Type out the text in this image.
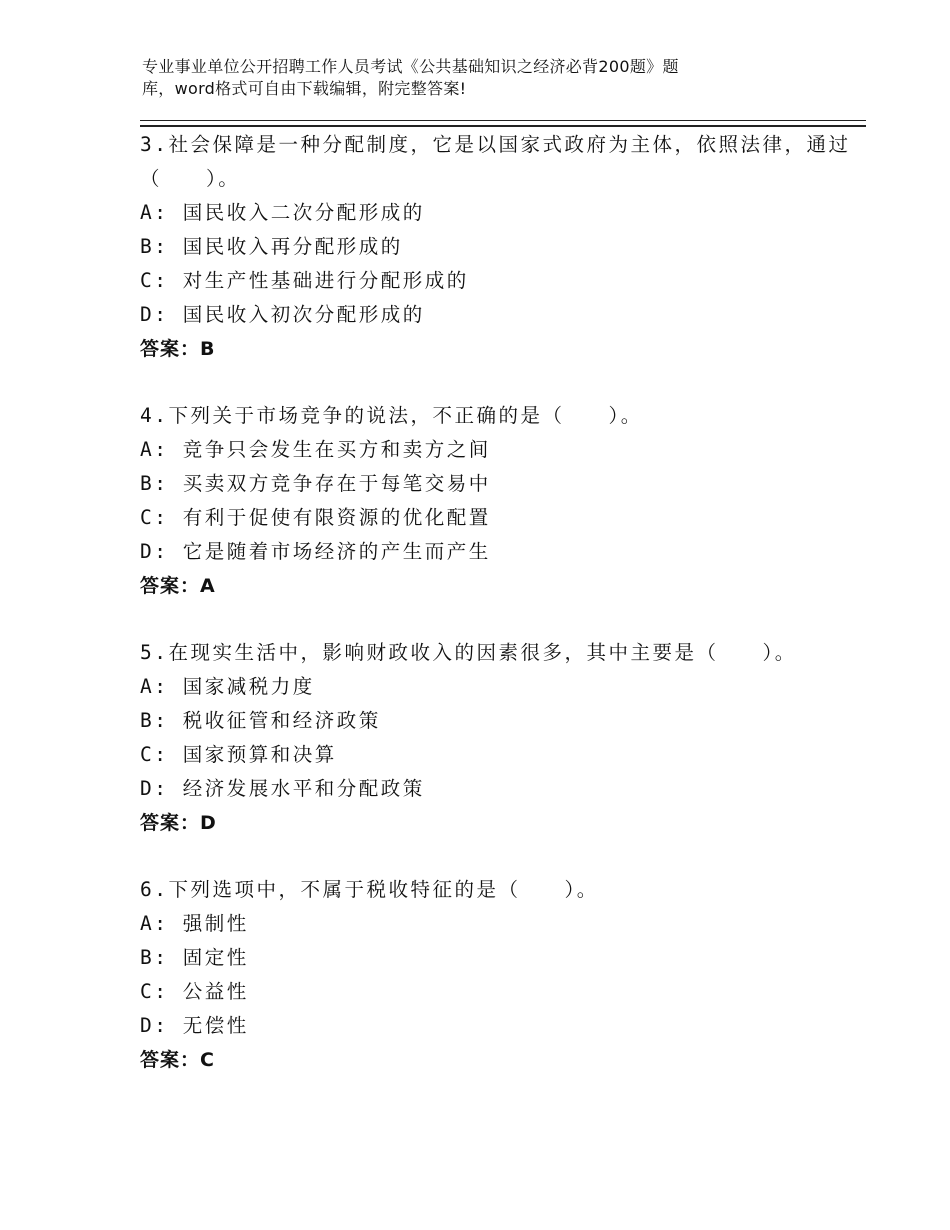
专业事业单位公开招聘工作人员考试《公共基础知识之经济必背200题》题
库，word格式可自由下载编辑，附完整答案!
3.社会保障是一种分配制度，它是以国家式政府为主体，依照法律，通过（　　）。
A: 国民收入二次分配形成的
B: 国民收入再分配形成的
C: 对生产性基础进行分配形成的
D: 国民收入初次分配形成的
答案：B
4.下列关于市场竞争的说法，不正确的是（　　）。
A: 竞争只会发生在买方和卖方之间
B: 买卖双方竞争存在于每笔交易中
C: 有利于促使有限资源的优化配置
D: 它是随着市场经济的产生而产生
答案：A
5.在现实生活中，影响财政收入的因素很多，其中主要是（　　）。
A: 国家减税力度
B: 税收征管和经济政策
C: 国家预算和决算
D: 经济发展水平和分配政策
答案：D
6.下列选项中，不属于税收特征的是（　　）。
A: 强制性
B: 固定性
C: 公益性
D: 无偿性
答案：C
